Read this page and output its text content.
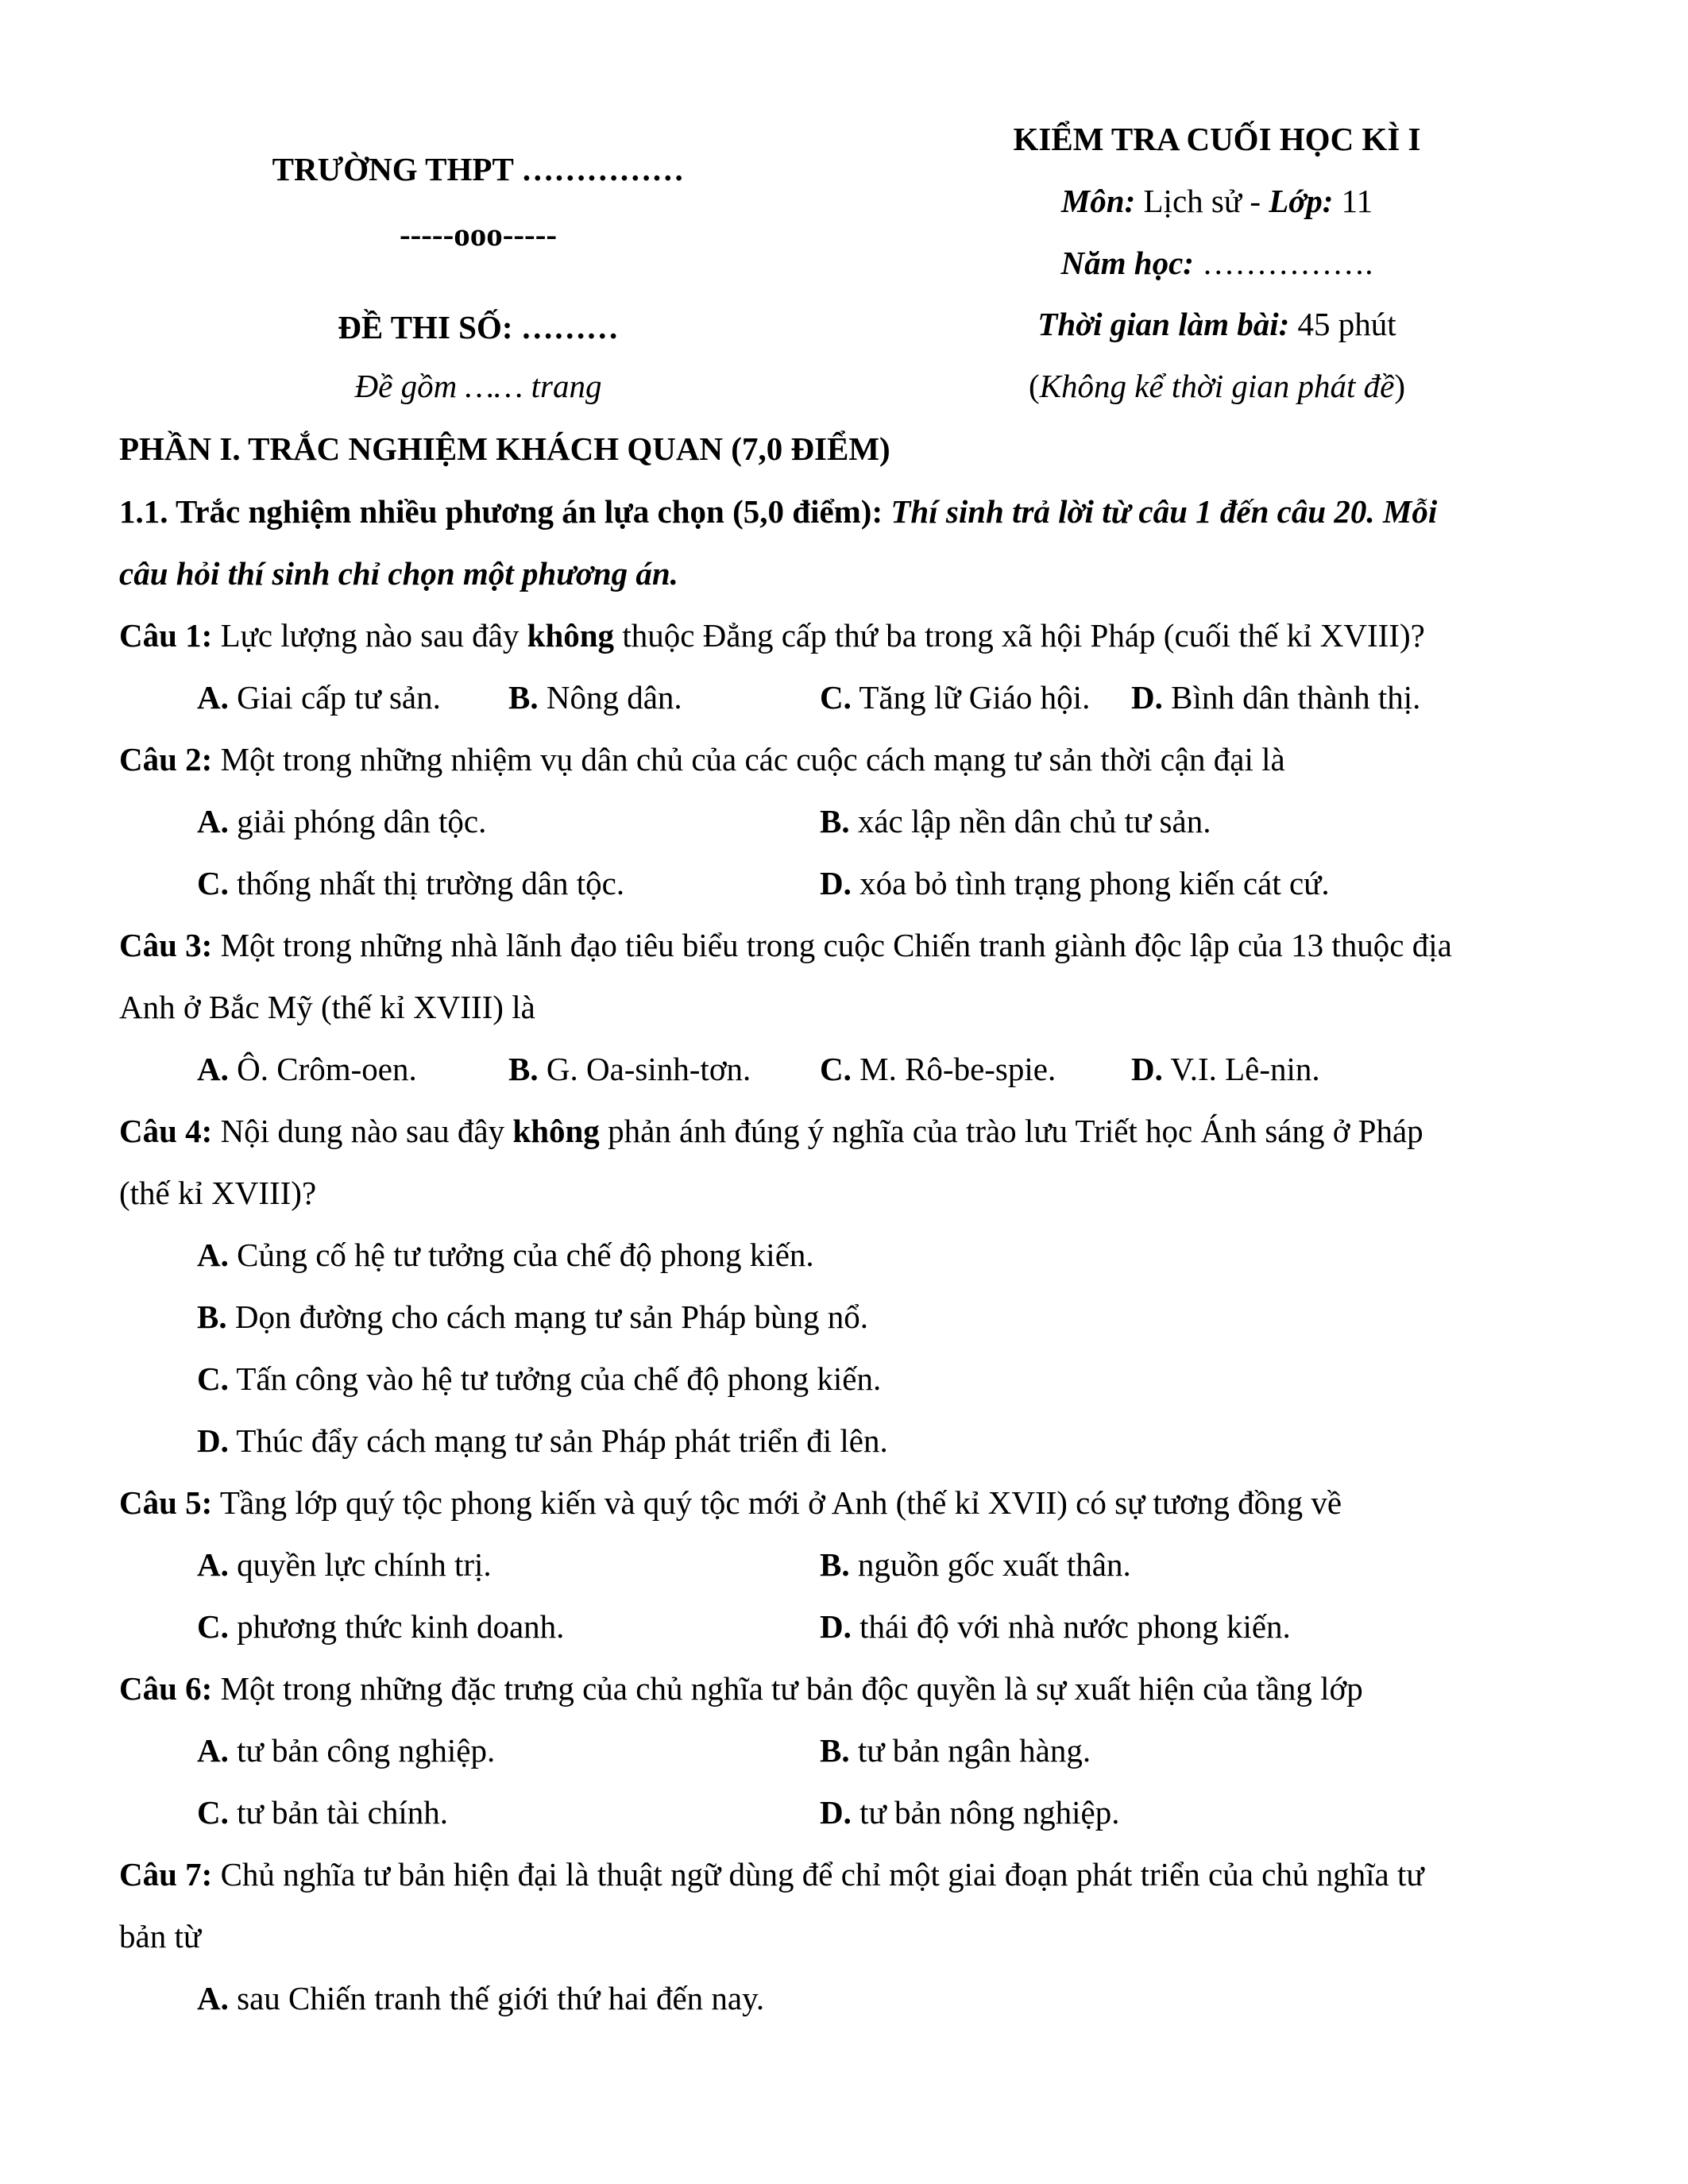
TRƯỜNG THPT ……………
-----ooo-----
ĐỀ THI SỐ: ………
Đề gồm …… trang
KIỂM TRA CUỐI HỌC KÌ I
Môn: Lịch sử - Lớp: 11
Năm học: …………….
Thời gian làm bài: 45 phút
(Không kể thời gian phát đề)
PHẦN I. TRẮC NGHIỆM KHÁCH QUAN (7,0 ĐIỂM)
1.1. Trắc nghiệm nhiều phương án lựa chọn (5,0 điểm): Thí sinh trả lời từ câu 1 đến câu 20. Mỗi
câu hỏi thí sinh chỉ chọn một phương án.
Câu 1: Lực lượng nào sau đây không thuộc Đẳng cấp thứ ba trong xã hội Pháp (cuối thế kỉ XVIII)?
A. Giai cấp tư sản. B. Nông dân.	C. Tăng lữ Giáo hội. D. Bình dân thành thị.
Câu 2: Một trong những nhiệm vụ dân chủ của các cuộc cách mạng tư sản thời cận đại là
A. giải phóng dân tộc.	B. xác lập nền dân chủ tư sản.
C. thống nhất thị trường dân tộc.	D. xóa bỏ tình trạng phong kiến cát cứ.
Câu 3: Một trong những nhà lãnh đạo tiêu biểu trong cuộc Chiến tranh giành độc lập của 13 thuộc địa
Anh ở Bắc Mỹ (thế kỉ XVIII) là
A. Ô. Crôm-oen.	B. G. Oa-sinh-tơn. C. M. Rô-be-spie. D. V.I. Lê-nin.
Câu 4: Nội dung nào sau đây không phản ánh đúng ý nghĩa của trào lưu Triết học Ánh sáng ở Pháp
(thế kỉ XVIII)?
A. Củng cố hệ tư tưởng của chế độ phong kiến.
B. Dọn đường cho cách mạng tư sản Pháp bùng nổ.
C. Tấn công vào hệ tư tưởng của chế độ phong kiến.
D. Thúc đẩy cách mạng tư sản Pháp phát triển đi lên.
Câu 5: Tầng lớp quý tộc phong kiến và quý tộc mới ở Anh (thế kỉ XVII) có sự tương đồng về
A. quyền lực chính trị.	B. nguồn gốc xuất thân.
C. phương thức kinh doanh.	D. thái độ với nhà nước phong kiến.
Câu 6: Một trong những đặc trưng của chủ nghĩa tư bản độc quyền là sự xuất hiện của tầng lớp
A. tư bản công nghiệp.	B. tư bản ngân hàng.
C. tư bản tài chính.	D. tư bản nông nghiệp.
Câu 7: Chủ nghĩa tư bản hiện đại là thuật ngữ dùng để chỉ một giai đoạn phát triển của chủ nghĩa tư
bản từ
A. sau Chiến tranh thế giới thứ hai đến nay.
